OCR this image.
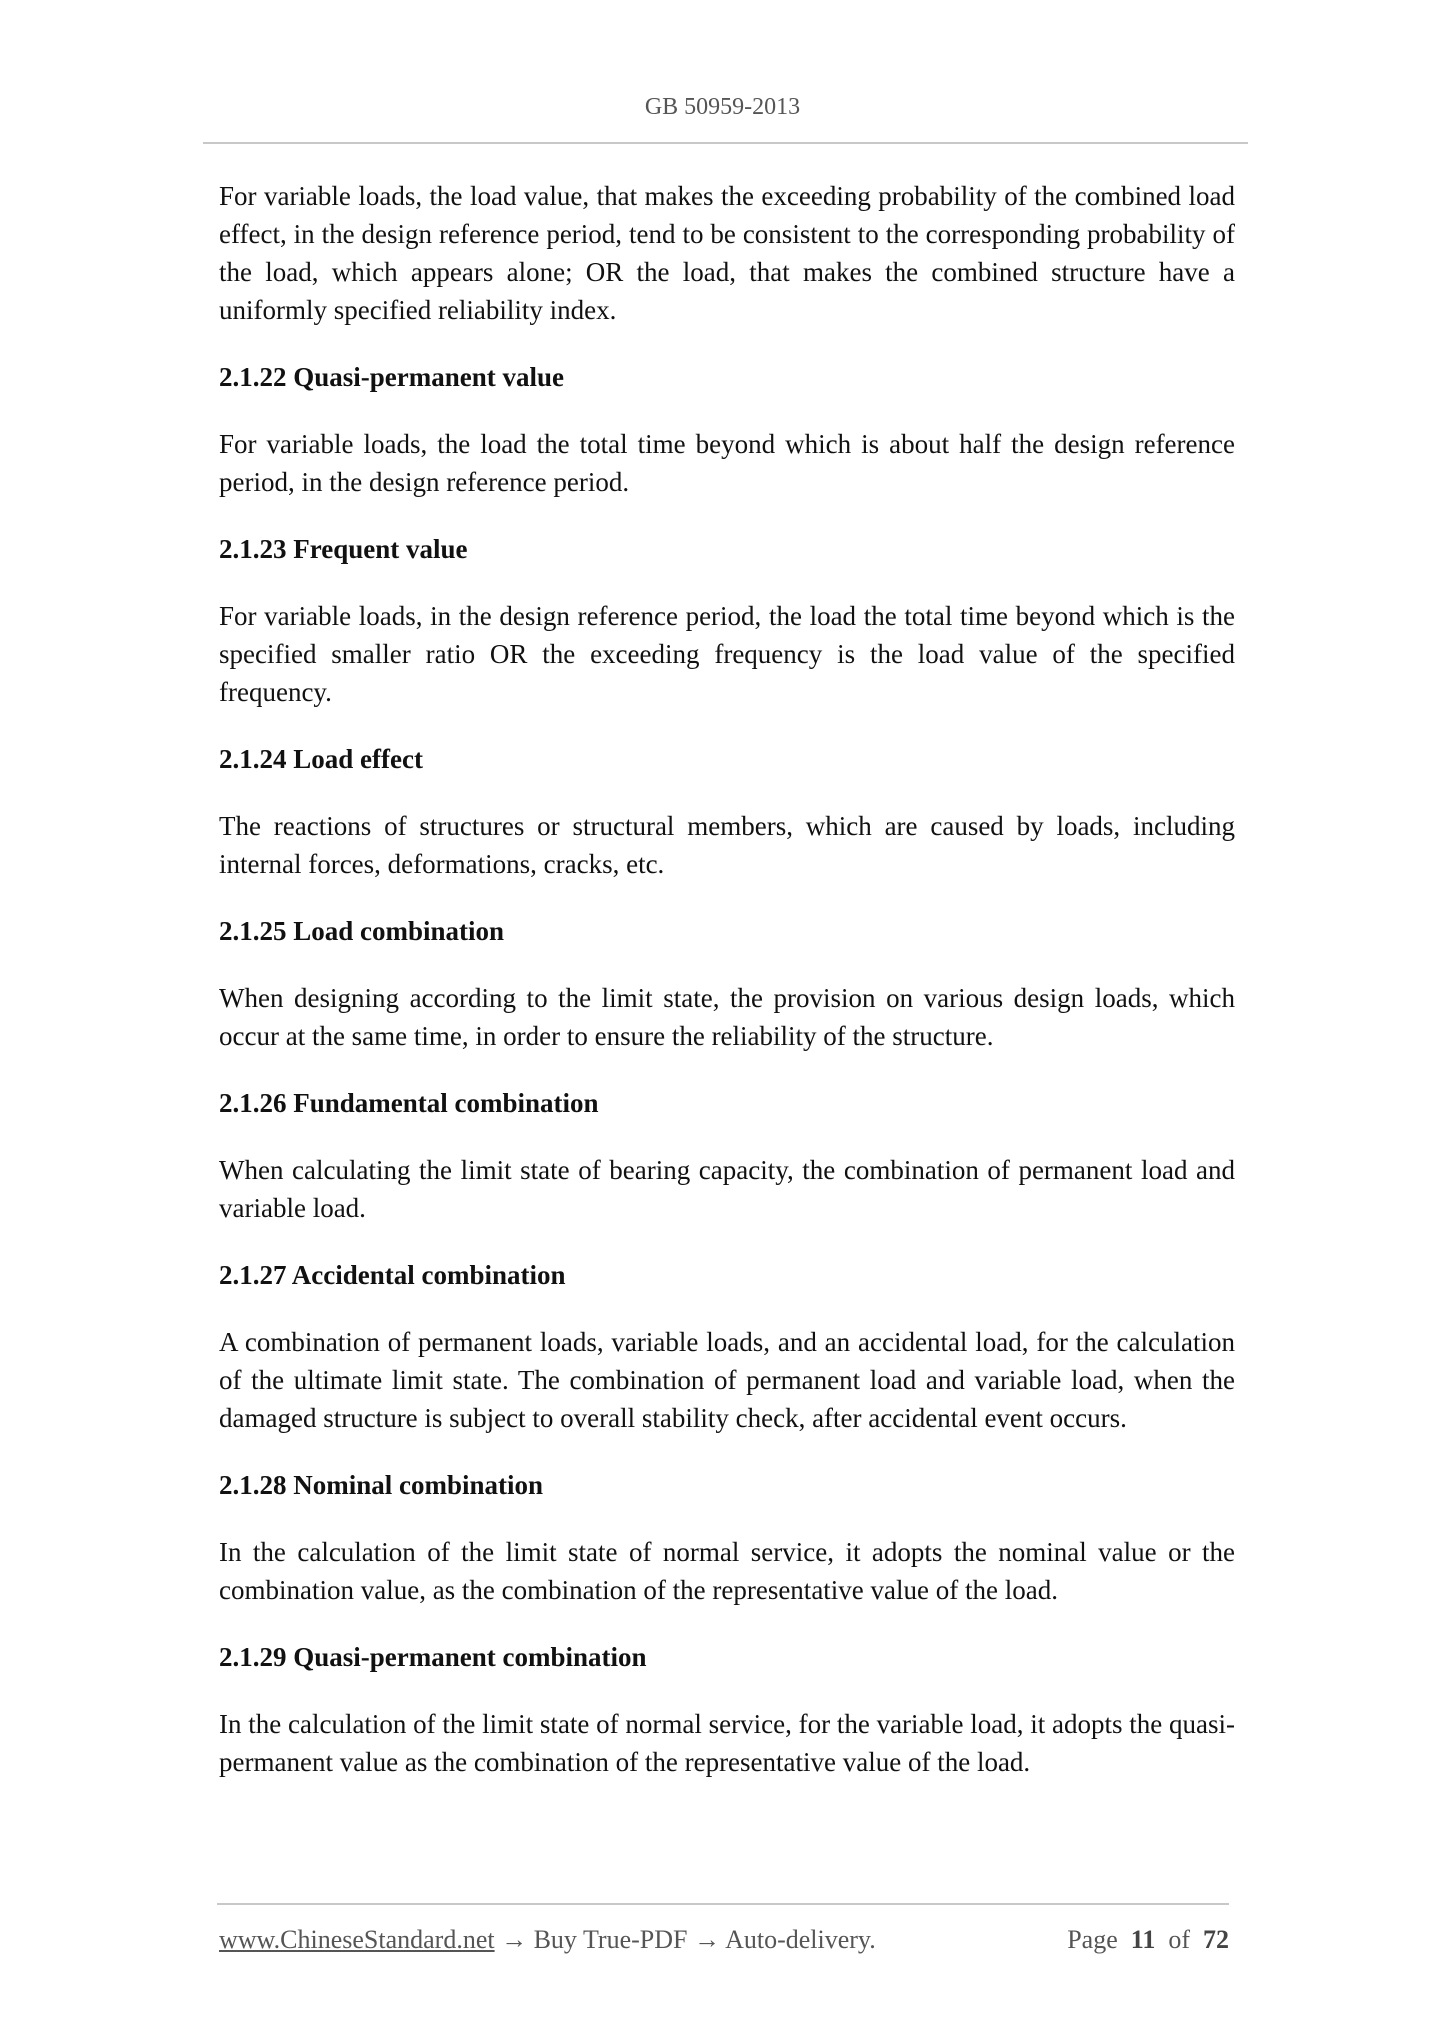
GB 50959-2013
For variable loads, the load value, that makes the exceeding probability of the combined load effect, in the design reference period, tend to be consistent to the corresponding probability of the load, which appears alone; OR the load, that makes the combined structure have a uniformly specified reliability index.
2.1.22 Quasi-permanent value
For variable loads, the load the total time beyond which is about half the design reference period, in the design reference period.
2.1.23 Frequent value
For variable loads, in the design reference period, the load the total time beyond which is the specified smaller ratio OR the exceeding frequency is the load value of the specified frequency.
2.1.24 Load effect
The reactions of structures or structural members, which are caused by loads, including internal forces, deformations, cracks, etc.
2.1.25 Load combination
When designing according to the limit state, the provision on various design loads, which occur at the same time, in order to ensure the reliability of the structure.
2.1.26 Fundamental combination
When calculating the limit state of bearing capacity, the combination of permanent load and variable load.
2.1.27 Accidental combination
A combination of permanent loads, variable loads, and an accidental load, for the calculation of the ultimate limit state. The combination of permanent load and variable load, when the damaged structure is subject to overall stability check, after accidental event occurs.
2.1.28 Nominal combination
In the calculation of the limit state of normal service, it adopts the nominal value or the combination value, as the combination of the representative value of the load.
2.1.29 Quasi-permanent combination
In the calculation of the limit state of normal service, for the variable load, it adopts the quasi-permanent value as the combination of the representative value of the load.
www.ChineseStandard.net → Buy True-PDF → Auto-delivery.	Page 11 of 72
